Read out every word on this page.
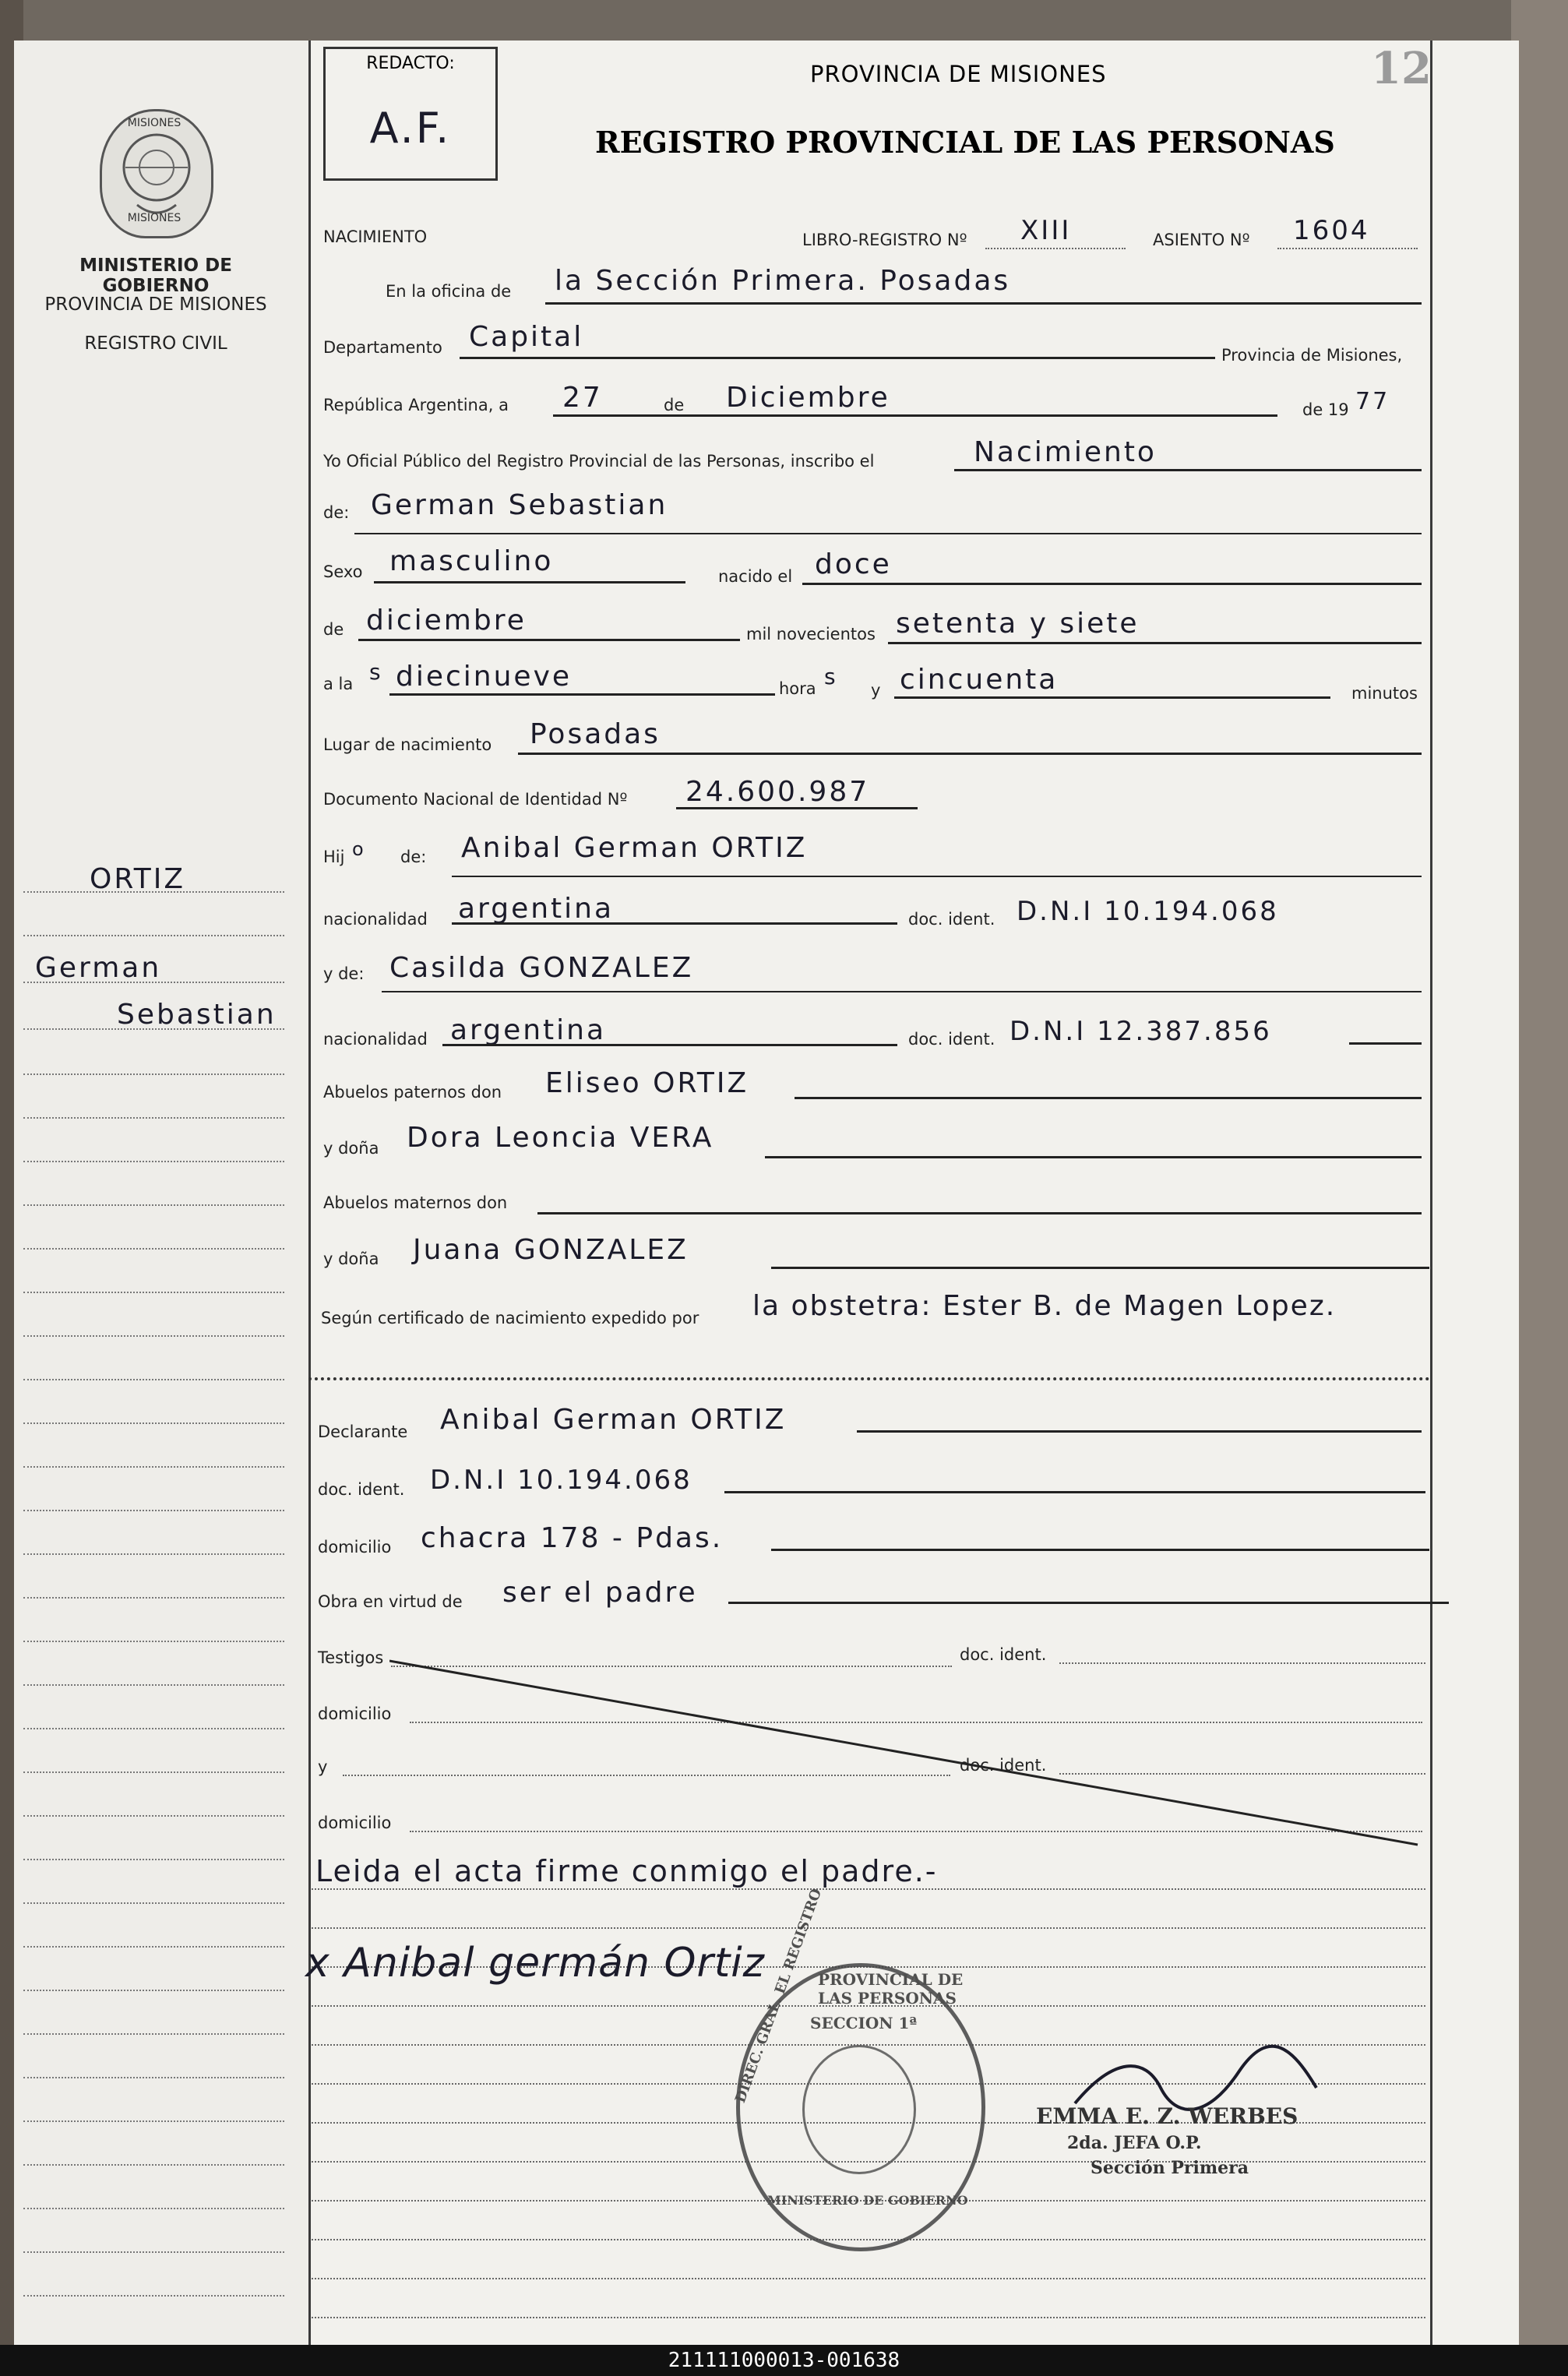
MISIONES
MISIONES
MINISTERIO DE GOBIERNO
PROVINCIA DE MISIONES
REGISTRO CIVIL
ORTIZ
German
Sebastian
REDACTO:
A.F.
PROVINCIA DE MISIONES
REGISTRO PROVINCIAL DE LAS PERSONAS
12
NACIMIENTO	LIBRO-REGISTRO Nº XIII	ASIENTO Nº 1604
En la oficina de la Sección Primera. Posadas
Departamento Capital
Provincia de Misiones,
República Argentina, a 27	de Diciembre	de 19 77
Yo Oficial Público del Registro Provincial de las Personas, inscribo el	Nacimiento
de: German Sebastian
Sexo masculino	nacido el doce
de diciembre	mil novecientos setenta y siete
a la s diecinueve	hora s
y cincuenta	minutos
Lugar de nacimiento Posadas
Documento Nacional de Identidad Nº 24.600.987
Hij o de: Anibal German ORTIZ
nacionalidad argentina	doc. ident. D.N.I 10.194.068
y de: Casilda GONZALEZ
nacionalidad argentina	doc. ident. D.N.I 12.387.856
Abuelos paternos don Eliseo ORTIZ
y doña Dora Leoncia VERA
Abuelos maternos don
y doña Juana GONZALEZ
Según certificado de nacimiento expedido por la obstetra: Ester B. de Magen Lopez.
Declarante Anibal German ORTIZ
doc. ident. D.N.I 10.194.068
domicilio chacra 178 - Pdas.
Obra en virtud de ser el padre
Testigos	doc. ident.
domicilio
y	doc. ident.
domicilio
Leida el acta firme conmigo el padre.-
x Anibal germán Ortiz	PROVINCIAL DE LAS PERSONAS
DIREC. GRAL. EL REGISTRO
SECCION 1ª
MINISTERIO DE GOBIERNO
EMMA E. Z. WERBES
2da. JEFA O.P.
Sección Primera
211111000013-001638
